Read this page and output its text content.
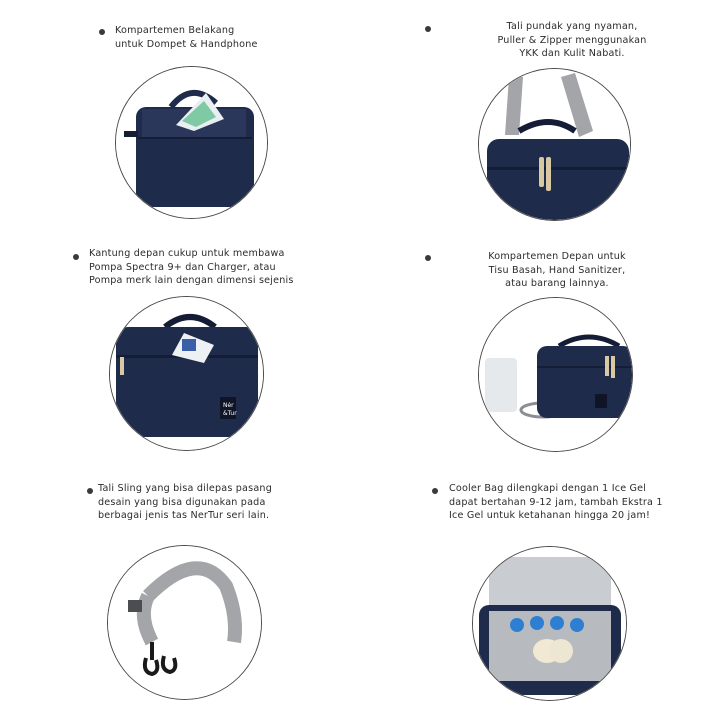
Kompartemen Belakang
untuk Dompet & Handphone
Tali pundak yang nyaman,
Puller & Zipper menggunakan
YKK dan Kulit Nabati.
Kantung depan cukup untuk membawa
Pompa Spectra 9+ dan Charger, atau
Pompa merk lain dengan dimensi sejenis
Nėr
&Tur
Kompartemen Depan untuk
Tisu Basah, Hand Sanitizer,
atau barang lainnya.
Tali Sling yang bisa dilepas pasang
desain yang bisa digunakan pada
berbagai jenis tas NerTur seri lain.
Cooler Bag dilengkapi dengan 1 Ice Gel
dapat bertahan 9-12 jam, tambah Ekstra 1
Ice Gel untuk ketahanan hingga 20 jam!
